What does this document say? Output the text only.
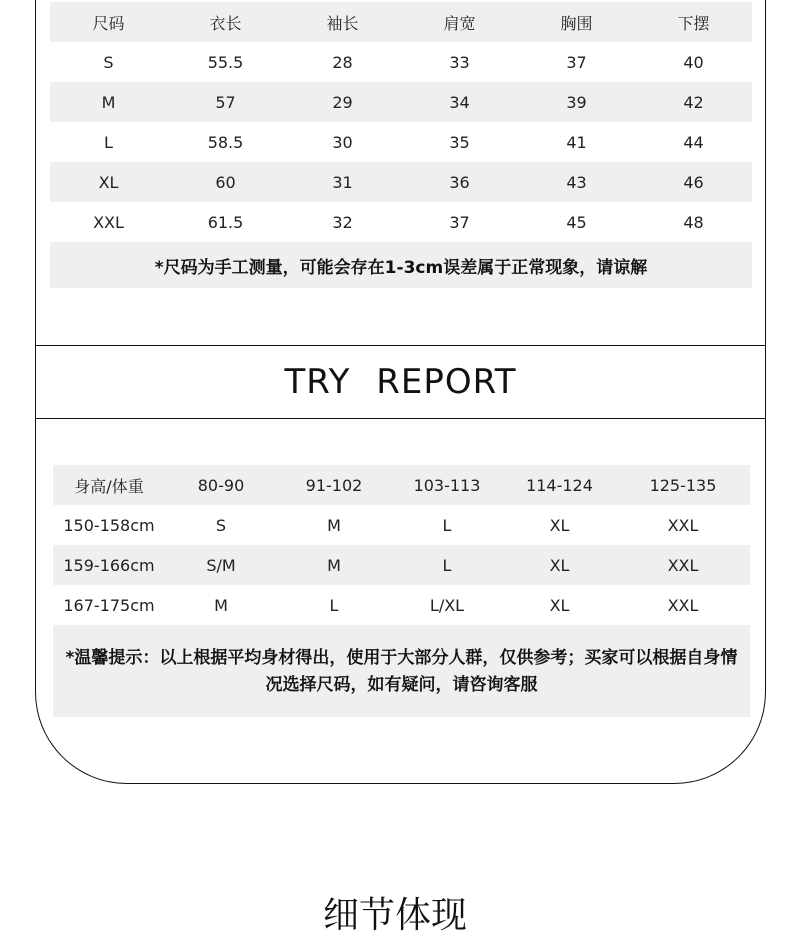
尺码	衣长	袖长	肩宽	胸围	下摆
S	55.5	28	33	37	40
M	57	29	34	39	42
L	58.5	30	35	41	44
XL	60	31	36	43	46
XXL	61.5	32	37	45	48
*尺码为手工测量，可能会存在1-3cm误差属于正常现象，请谅解					
TRY REPORT
身高/体重	80-90	91-102	103-113	114-124	125-135
150-158cm	S	M	L	XL	XXL
159-166cm	S/M	M	L	XL	XXL
167-175cm	M	L	L/XL	XL	XXL
*温馨提示：以上根据平均身材得出，使用于大部分人群，仅供参考；买家可以根据自身情况选择尺码，如有疑问，请咨询客服
细节体现
